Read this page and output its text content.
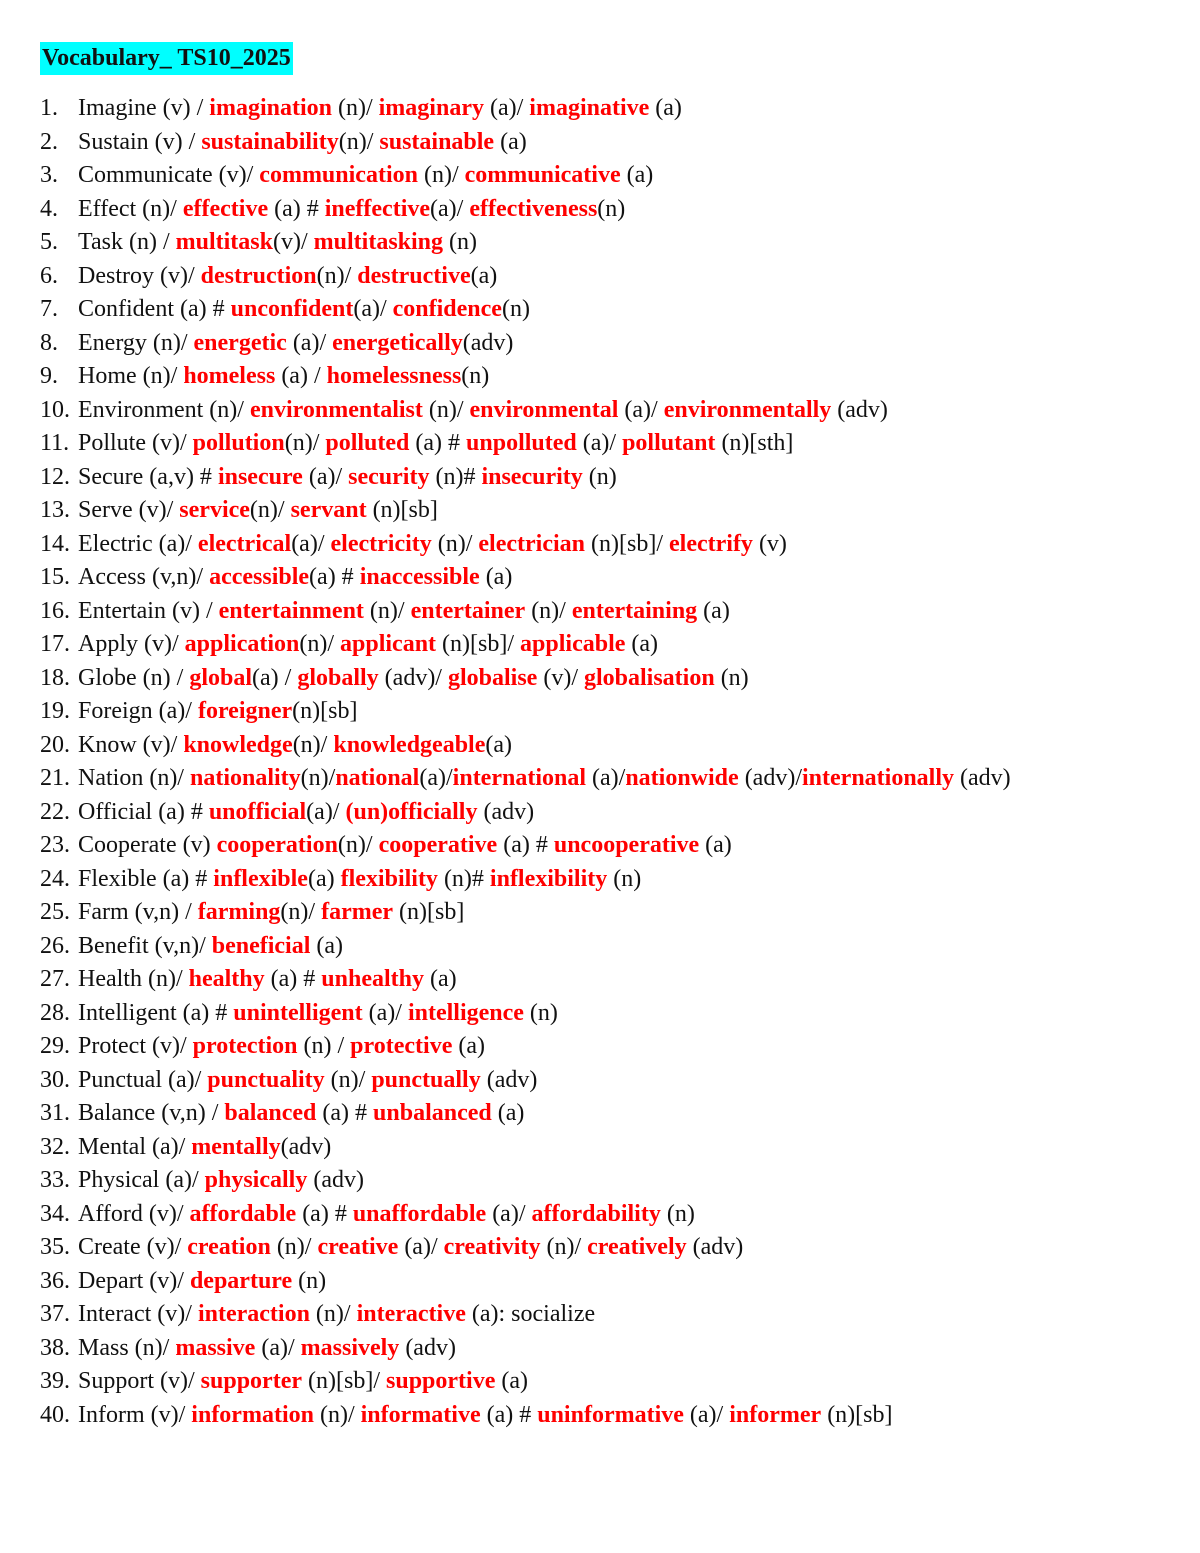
Vocabulary_ TS10_2025
1. Imagine (v) / imagination (n)/ imaginary (a)/ imaginative (a)
2. Sustain (v) / sustainability(n)/ sustainable (a)
3. Communicate (v)/ communication (n)/ communicative (a)
4. Effect (n)/ effective (a) # ineffective(a)/ effectiveness(n)
5. Task (n) / multitask(v)/ multitasking (n)
6. Destroy (v)/ destruction(n)/ destructive(a)
7. Confident (a) # unconfident(a)/ confidence(n)
8. Energy (n)/ energetic (a)/ energetically(adv)
9. Home (n)/ homeless (a) / homelessness(n)
10. Environment (n)/ environmentalist (n)/ environmental (a)/ environmentally (adv)
11. Pollute (v)/ pollution(n)/ polluted (a) # unpolluted (a)/ pollutant (n)[sth]
12. Secure (a,v) # insecure (a)/ security (n)# insecurity (n)
13. Serve (v)/ service(n)/ servant (n)[sb]
14. Electric (a)/ electrical(a)/ electricity (n)/ electrician (n)[sb]/ electrify (v)
15. Access (v,n)/ accessible(a) # inaccessible (a)
16. Entertain (v) / entertainment (n)/ entertainer (n)/ entertaining (a)
17. Apply (v)/ application(n)/ applicant (n)[sb]/ applicable (a)
18. Globe (n) / global(a) / globally (adv)/ globalise (v)/ globalisation (n)
19. Foreign (a)/ foreigner(n)[sb]
20. Know (v)/ knowledge(n)/ knowledgeable(a)
21. Nation (n)/ nationality(n)/national(a)/international (a)/nationwide (adv)/internationally (adv)
22. Official (a) # unofficial(a)/ (un)officially (adv)
23. Cooperate (v) cooperation(n)/ cooperative (a) # uncooperative (a)
24. Flexible (a) # inflexible(a) flexibility (n)# inflexibility (n)
25. Farm (v,n) / farming(n)/ farmer (n)[sb]
26. Benefit (v,n)/ beneficial (a)
27. Health (n)/ healthy (a) # unhealthy (a)
28. Intelligent (a) # unintelligent (a)/ intelligence (n)
29. Protect (v)/ protection (n) / protective (a)
30. Punctual (a)/ punctuality (n)/ punctually (adv)
31. Balance (v,n) / balanced (a) # unbalanced (a)
32. Mental (a)/ mentally(adv)
33. Physical (a)/ physically (adv)
34. Afford (v)/ affordable (a) # unaffordable (a)/ affordability (n)
35. Create (v)/ creation (n)/ creative (a)/ creativity (n)/ creatively (adv)
36. Depart (v)/ departure (n)
37. Interact (v)/ interaction (n)/ interactive (a): socialize
38. Mass (n)/ massive (a)/ massively (adv)
39. Support (v)/ supporter (n)[sb]/ supportive (a)
40. Inform (v)/ information (n)/ informative (a) # uninformative (a)/ informer (n)[sb]
